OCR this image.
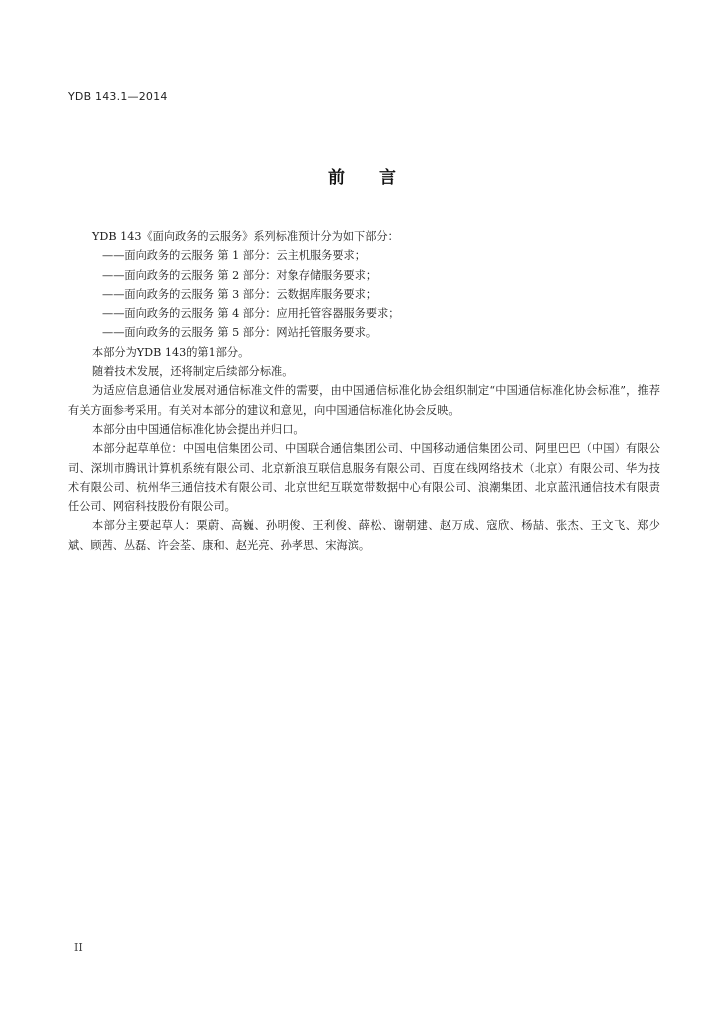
YDB 143.1—2014
前 言

YDB 143《面向政务的云服务》系列标准预计分为如下部分：

——面向政务的云服务 第 1 部分：云主机服务要求；

——面向政务的云服务 第 2 部分：对象存储服务要求；

——面向政务的云服务 第 3 部分：云数据库服务要求；

——面向政务的云服务 第 4 部分：应用托管容器服务要求；

——面向政务的云服务 第 5 部分：网站托管服务要求。

本部分为YDB 143的第1部分。

随着技术发展，还将制定后续部分标准。

为适应信息通信业发展对通信标准文件的需要，由中国通信标准化协会组织制定“中国通信标准化协会标准”，推荐有关方面参考采用。有关对本部分的建议和意见，向中国通信标准化协会反映。

本部分由中国通信标准化协会提出并归口。

本部分起草单位：中国电信集团公司、中国联合通信集团公司、中国移动通信集团公司、阿里巴巴（中国）有限公司、深圳市腾讯计算机系统有限公司、北京新浪互联信息服务有限公司、百度在线网络技术（北京）有限公司、华为技术有限公司、杭州华三通信技术有限公司、北京世纪互联宽带数据中心有限公司、浪潮集团、北京蓝汛通信技术有限责任公司、网宿科技股份有限公司。

本部分主要起草人：栗蔚、高巍、孙明俊、王利俊、薛松、谢朝建、赵万成、寇欣、杨喆、张杰、王文飞、郑少斌、顾茜、丛磊、许会荃、康和、赵光亮、孙孝思、宋海滨。

II
